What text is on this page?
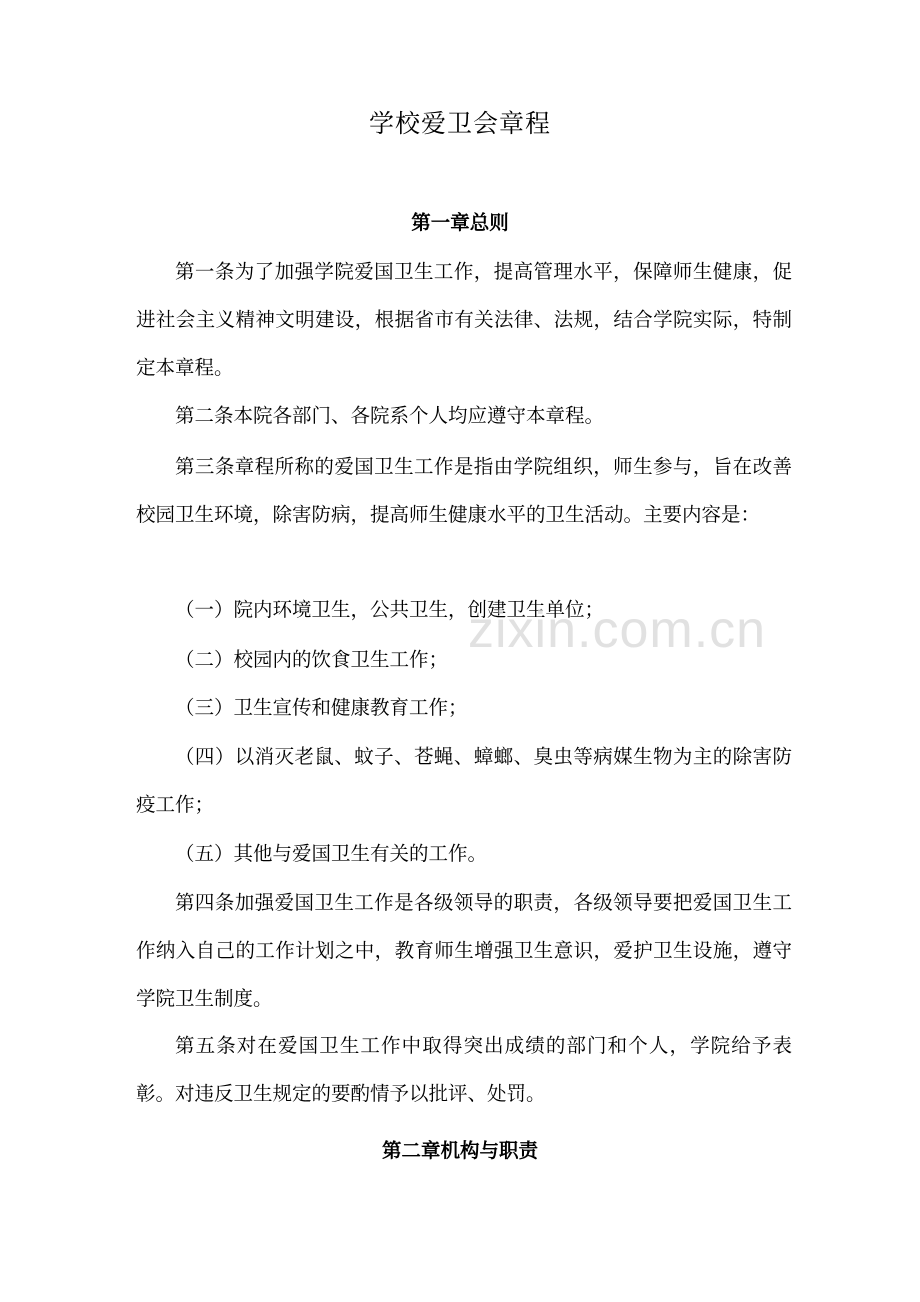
学校爱卫会章程
第一章总则

第一条为了加强学院爱国卫生工作，提高管理水平，保障师生健康，促进社会主义精神文明建设，根据省市有关法律、法规，结合学院实际，特制定本章程。

第二条本院各部门、各院系个人均应遵守本章程。

第三条章程所称的爱国卫生工作是指由学院组织，师生参与，旨在改善校园卫生环境，除害防病，提高师生健康水平的卫生活动。主要内容是：

（一）院内环境卫生，公共卫生，创建卫生单位；

（二）校园内的饮食卫生工作；

（三）卫生宣传和健康教育工作；

（四）以消灭老鼠、蚊子、苍蝇、蟑螂、臭虫等病媒生物为主的除害防疫工作；

（五）其他与爱国卫生有关的工作。

第四条加强爱国卫生工作是各级领导的职责，各级领导要把爱国卫生工作纳入自己的工作计划之中，教育师生增强卫生意识，爱护卫生设施，遵守学院卫生制度。

第五条对在爱国卫生工作中取得突出成绩的部门和个人，学院给予表彰。对违反卫生规定的要酌情予以批评、处罚。

第二章机构与职责
zixin.com.cn
